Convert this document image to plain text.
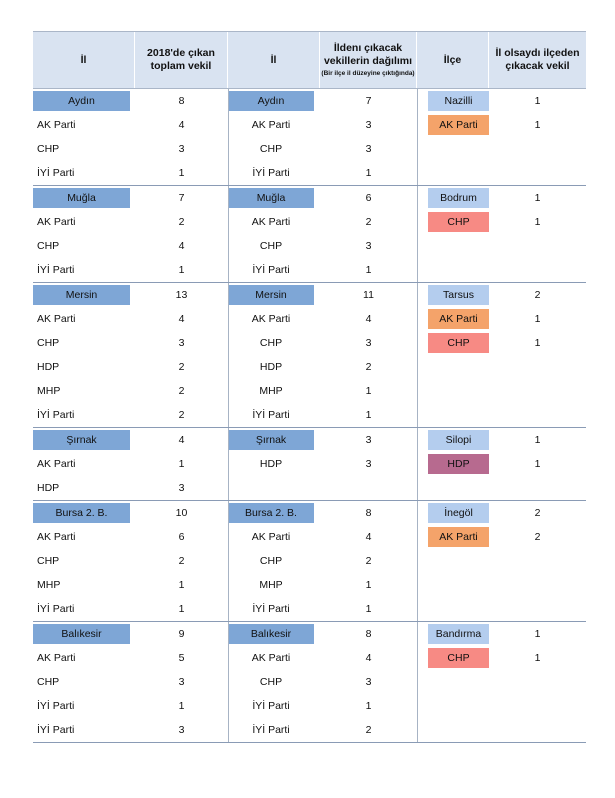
İl
2018'de çıkan toplam vekil
İl
İldenı çıkacak vekillerin dağılımı
(Bir ilçe il düzeyine çıktığında)
İlçe
İl olsaydı ilçeden çıkacak vekil
Aydın	8	Aydın	7	Nazilli	1
AK Parti	4	AK Parti	3	AK Parti	1
CHP	3	CHP	3
İYİ Parti	1	İYİ Parti	1
Muğla	7	Muğla	6	Bodrum	1
AK Parti	2	AK Parti	2	CHP	1
CHP	4	CHP	3
İYİ Parti	1	İYİ Parti	1
Mersin	13	Mersin	11	Tarsus	2
AK Parti	4	AK Parti	4	AK Parti	1
CHP	3	CHP	3	CHP	1
HDP	2	HDP	2
MHP	2	MHP	1
İYİ Parti	2	İYİ Parti	1
Şırnak	4	Şırnak	3	Silopi	1
AK Parti	1	HDP	3	HDP	1
HDP	3
Bursa 2. B.	10	Bursa 2. B.	8	İnegöl	2
AK Parti	6	AK Parti	4	AK Parti	2
CHP	2	CHP	2
MHP	1	MHP	1
İYİ Parti	1	İYİ Parti	1
Balıkesir	9	Balıkesir	8	Bandırma	1
AK Parti	5	AK Parti	4	CHP	1
CHP	3	CHP	3
İYİ Parti	1	İYİ Parti	1
İYİ Parti	3	İYİ Parti	2
